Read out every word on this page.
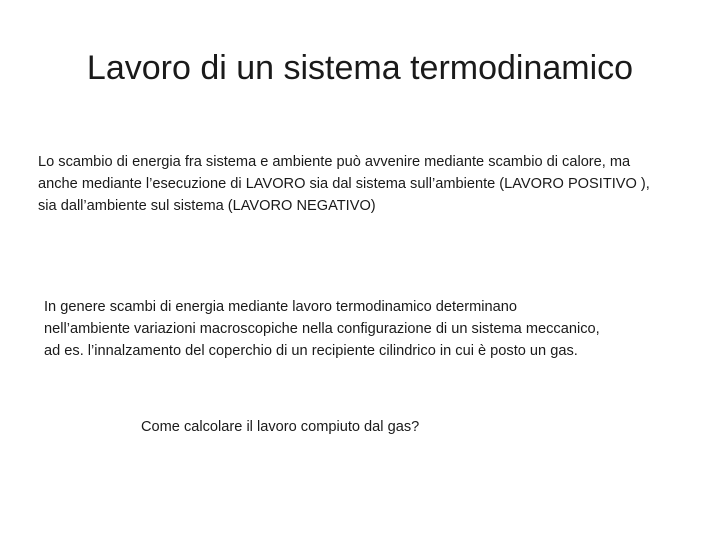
Lavoro di un sistema termodinamico

Lo scambio di energia fra sistema e ambiente può avvenire mediante scambio di calore, ma
anche mediante l’esecuzione di LAVORO sia dal sistema sull’ambiente (LAVORO POSITIVO ),
sia dall’ambiente sul sistema (LAVORO NEGATIVO)

In genere scambi di energia mediante lavoro termodinamico determinano
nell’ambiente variazioni macroscopiche nella configurazione di un sistema meccanico,
ad es. l’innalzamento del coperchio di un recipiente cilindrico in cui è posto un gas.

Come calcolare il lavoro compiuto dal gas?
